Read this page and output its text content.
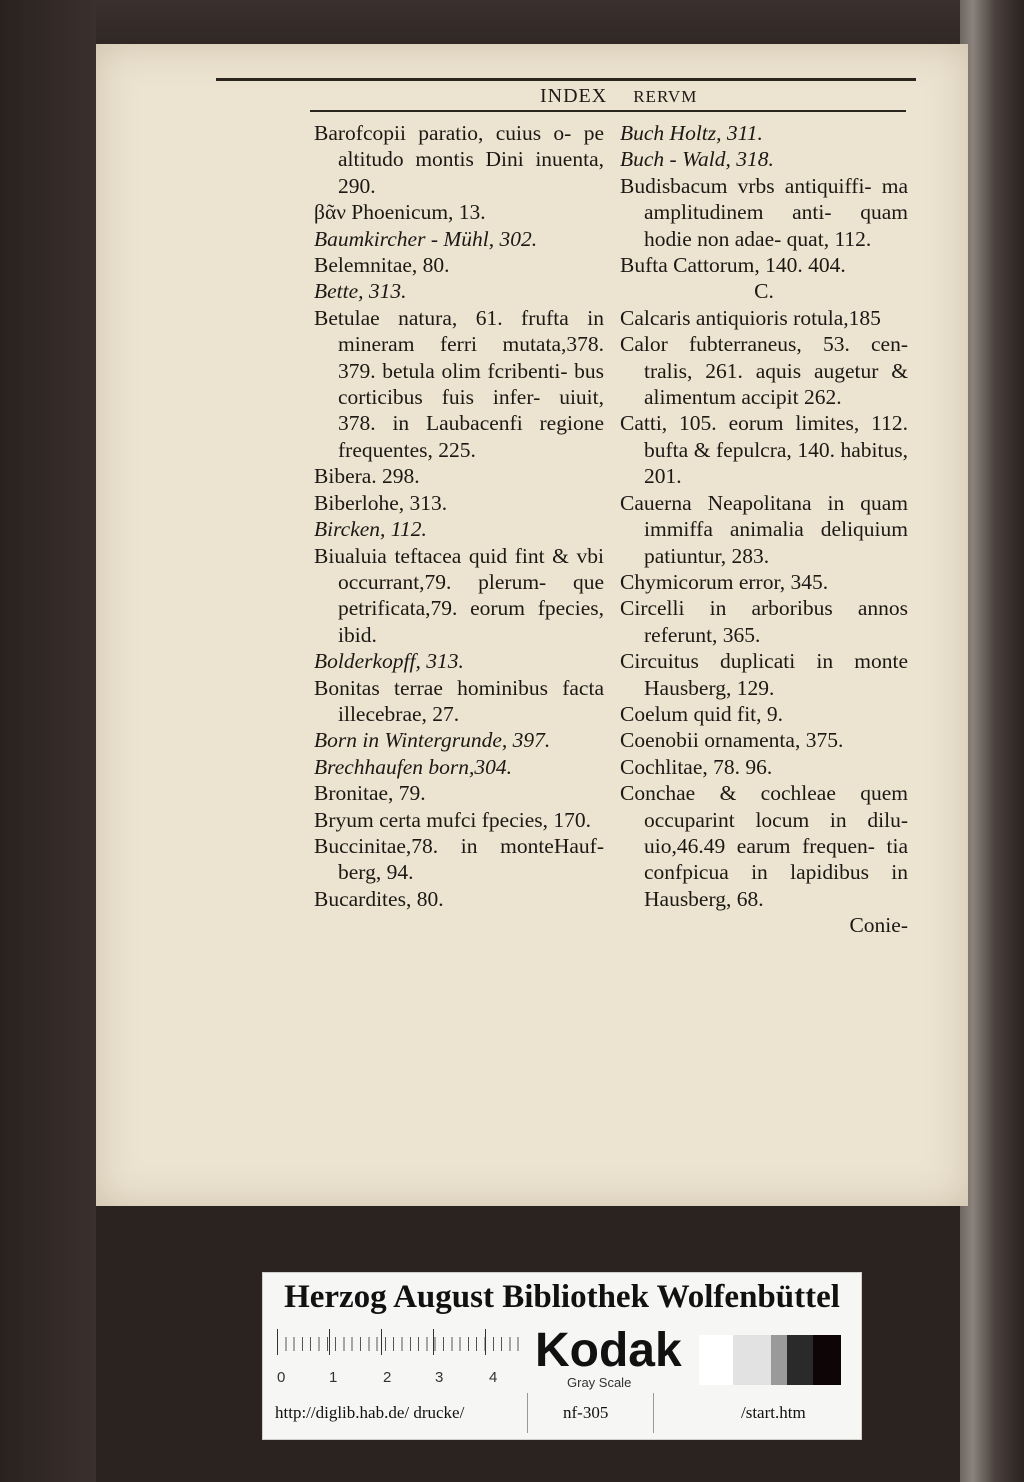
INDEX RERVM
Barofcopii paratio, cuius o- pe altitudo montis Dini inuenta, 290.
βᾶν Phoenicum, 13.
Baumkircher - Mühl, 302.
Belemnitae, 80.
Bette, 313.
Betulae natura, 61. frufta in mineram ferri mutata,378. 379. betula olim fcribenti- bus corticibus fuis infer- uiuit, 378. in Laubacenfi regione frequentes, 225.
Bibera. 298.
Biberlohe, 313.
Bircken, 112.
Biualuia teftacea quid fint & vbi occurrant,79. plerum- que petrificata,79. eorum fpecies, ibid.
Bolderkopff, 313.
Bonitas terrae hominibus facta illecebrae, 27.
Born in Wintergrunde, 397.
Brechhaufen born,304.
Bronitae, 79.
Bryum certa mufci fpecies, 170.
Buccinitae,78. in monteHauf- berg, 94.
Bucardites, 80.
Buch Holtz, 311.
Buch - Wald, 318.
Budisbacum vrbs antiquiffi- ma amplitudinem anti- quam hodie non adae- quat, 112.
Bufta Cattorum, 140. 404.
C.
Calcaris antiquioris rotula,185
Calor fubterraneus, 53. cen- tralis, 261. aquis augetur & alimentum accipit 262.
Catti, 105. eorum limites, 112. bufta & fepulcra, 140. habitus, 201.
Cauerna Neapolitana in quam immiffa animalia deliquium patiuntur, 283.
Chymicorum error, 345.
Circelli in arboribus annos referunt, 365.
Circuitus duplicati in monte Hausberg, 129.
Coelum quid fit, 9.
Coenobii ornamenta, 375.
Cochlitae, 78. 96.
Conchae & cochleae quem occuparint locum in dilu- uio,46.49 earum frequen- tia confpicua in lapidibus in Hausberg, 68.
Conie-
Herzog August Bibliothek Wolfenbüttel
0	1	2	3	4
Kodak
Gray Scale
http://diglib.hab.de/ drucke/	nf-305	/start.htm
